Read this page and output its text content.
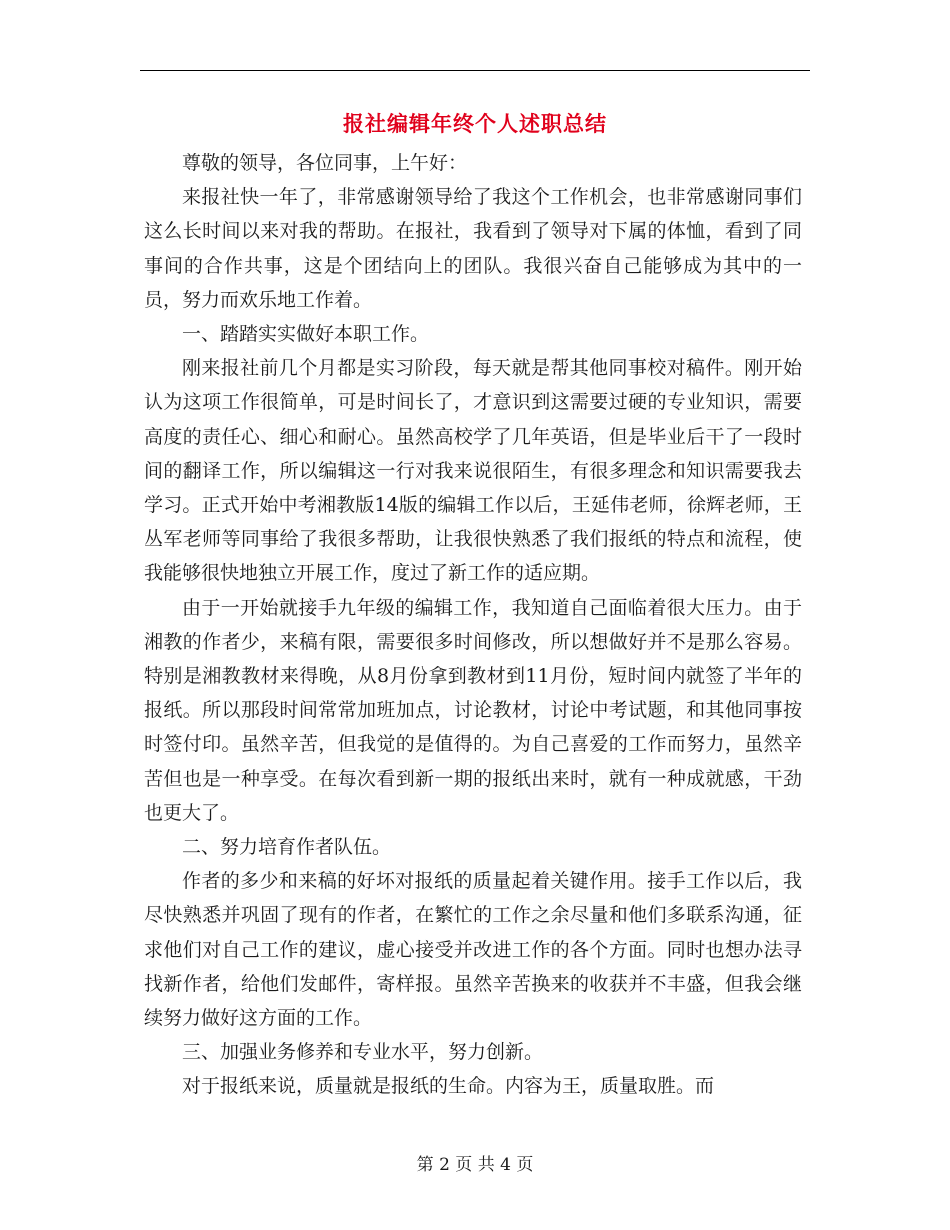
报社编辑年终个人述职总结

尊敬的领导，各位同事，上午好：

来报社快一年了，非常感谢领导给了我这个工作机会，也非常感谢同事们这么长时间以来对我的帮助。在报社，我看到了领导对下属的体恤，看到了同事间的合作共事，这是个团结向上的团队。我很兴奋自己能够成为其中的一员，努力而欢乐地工作着。

一、踏踏实实做好本职工作。

刚来报社前几个月都是实习阶段，每天就是帮其他同事校对稿件。刚开始认为这项工作很简单，可是时间长了，才意识到这需要过硬的专业知识，需要高度的责任心、细心和耐心。虽然高校学了几年英语，但是毕业后干了一段时间的翻译工作，所以编辑这一行对我来说很陌生，有很多理念和知识需要我去学习。正式开始中考湘教版14版的编辑工作以后，王延伟老师，徐辉老师，王丛军老师等同事给了我很多帮助，让我很快熟悉了我们报纸的特点和流程，使我能够很快地独立开展工作，度过了新工作的适应期。

由于一开始就接手九年级的编辑工作，我知道自己面临着很大压力。由于湘教的作者少，来稿有限，需要很多时间修改，所以想做好并不是那么容易。特别是湘教教材来得晚，从8月份拿到教材到11月份，短时间内就签了半年的报纸。所以那段时间常常加班加点，讨论教材，讨论中考试题，和其他同事按时签付印。虽然辛苦，但我觉的是值得的。为自己喜爱的工作而努力，虽然辛苦但也是一种享受。在每次看到新一期的报纸出来时，就有一种成就感，干劲也更大了。

二、努力培育作者队伍。

作者的多少和来稿的好坏对报纸的质量起着关键作用。接手工作以后，我尽快熟悉并巩固了现有的作者，在繁忙的工作之余尽量和他们多联系沟通，征求他们对自己工作的建议，虚心接受并改进工作的各个方面。同时也想办法寻找新作者，给他们发邮件，寄样报。虽然辛苦换来的收获并不丰盛，但我会继续努力做好这方面的工作。

三、加强业务修养和专业水平，努力创新。

对于报纸来说，质量就是报纸的生命。内容为王，质量取胜。而

第 2 页 共 4 页
